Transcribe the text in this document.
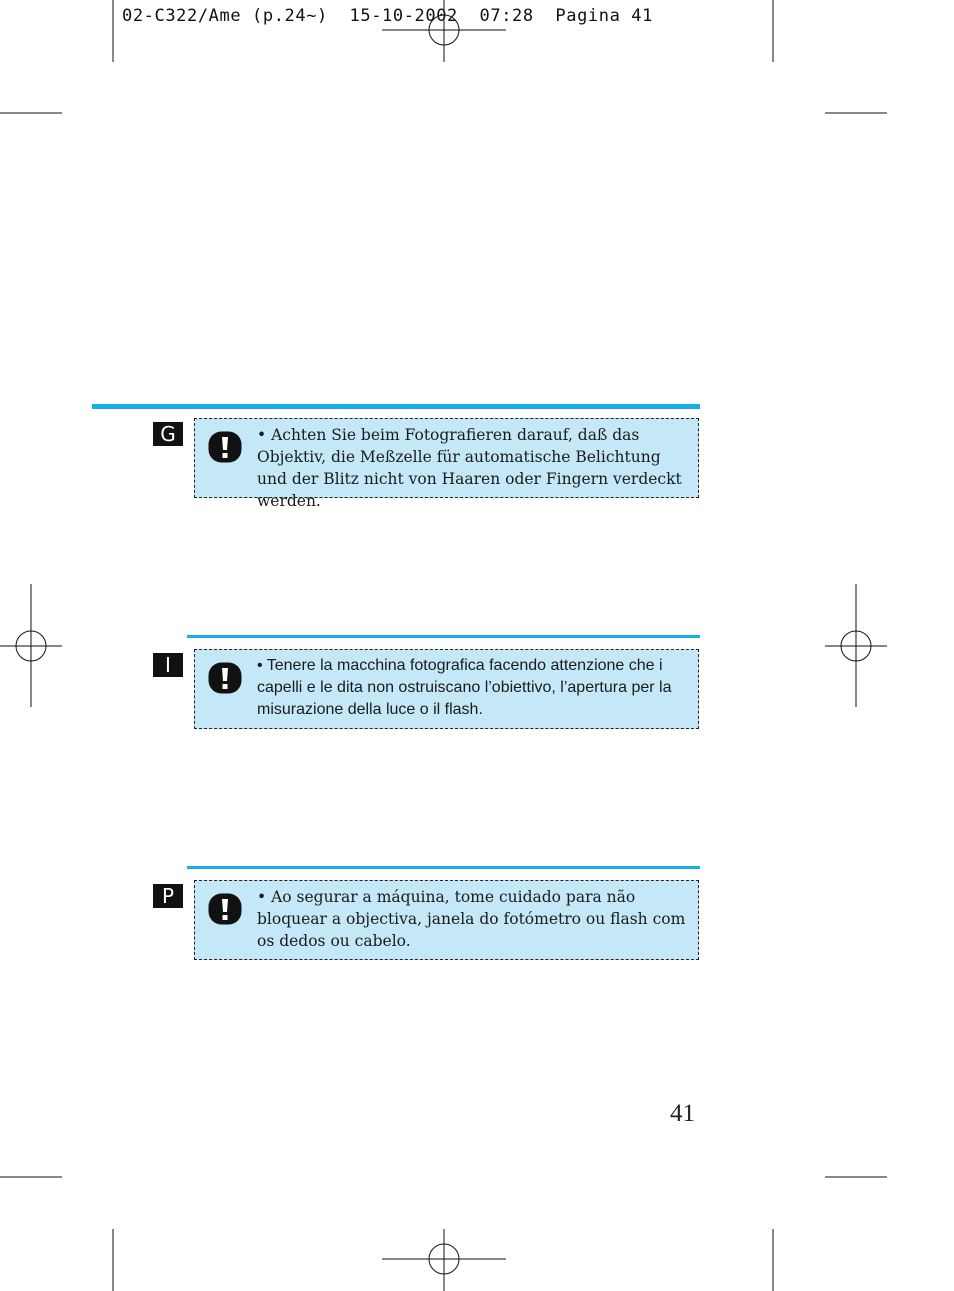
02-C322/Ame (p.24~)  15-10-2002  07:28  Pagina 41
G	• Achten Sie beim Fotografieren darauf, daß das Objektiv, die Meßzelle für automatische Belichtung und der Blitz nicht von Haaren oder Fingern verdeckt werden.
I	• Tenere la macchina fotografica facendo attenzione che i capelli e le dita non ostruiscano l’obiettivo, l’apertura per la misurazione della luce o il flash.
P	• Ao segurar a máquina, tome cuidado para não bloquear a objectiva, janela do fotómetro ou flash com os dedos ou cabelo.
41
